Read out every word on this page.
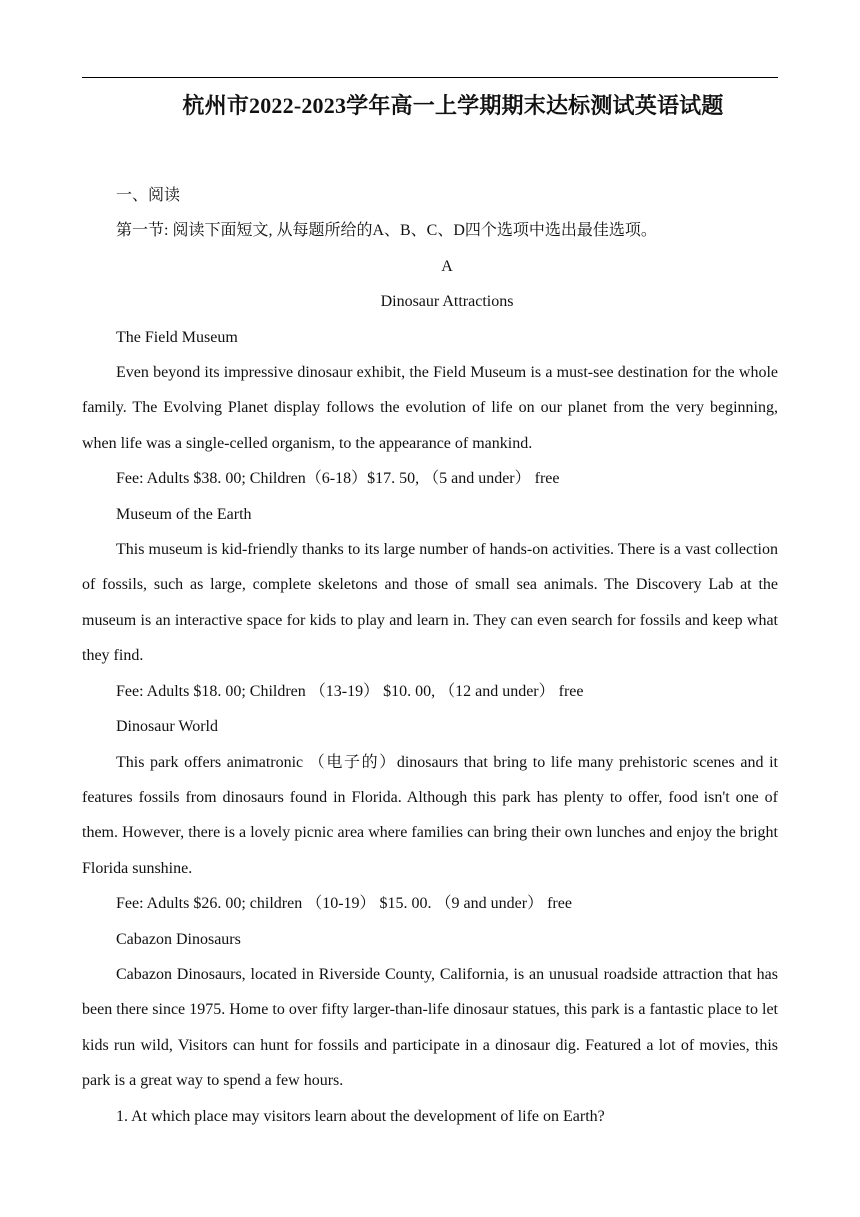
杭州市2022-2023学年高一上学期期末达标测试英语试题

一、阅读

第一节: 阅读下面短文, 从每题所给的A、B、C、D四个选项中选出最佳选项。

A

Dinosaur Attractions

The Field Museum

Even beyond its impressive dinosaur exhibit, the Field Museum is a must-see destination for the whole family. The Evolving Planet display follows the evolution of life on our planet from the very beginning, when life was a single-celled organism, to the appearance of mankind.

Fee: Adults $38. 00; Children（6-18）$17. 50, （5 and under） free

Museum of the Earth

This museum is kid-friendly thanks to its large number of hands-on activities. There is a vast collection of fossils, such as large, complete skeletons and those of small sea animals. The Discovery Lab at the museum is an interactive space for kids to play and learn in. They can even search for fossils and keep what they find.

Fee: Adults $18. 00; Children （13-19） $10. 00, （12 and under） free

Dinosaur World

This park offers animatronic （电子的）dinosaurs that bring to life many prehistoric scenes and it features fossils from dinosaurs found in Florida. Although this park has plenty to offer, food isn't one of them. However, there is a lovely picnic area where families can bring their own lunches and enjoy the bright Florida sunshine.

Fee: Adults $26. 00; children （10-19） $15. 00. （9 and under） free

Cabazon Dinosaurs

Cabazon Dinosaurs, located in Riverside County, California, is an unusual roadside attraction that has been there since 1975. Home to over fifty larger-than-life dinosaur statues, this park is a fantastic place to let kids run wild, Visitors can hunt for fossils and participate in a dinosaur dig. Featured a lot of movies, this park is a great way to spend a few hours.

1. At which place may visitors learn about the development of life on Earth?
